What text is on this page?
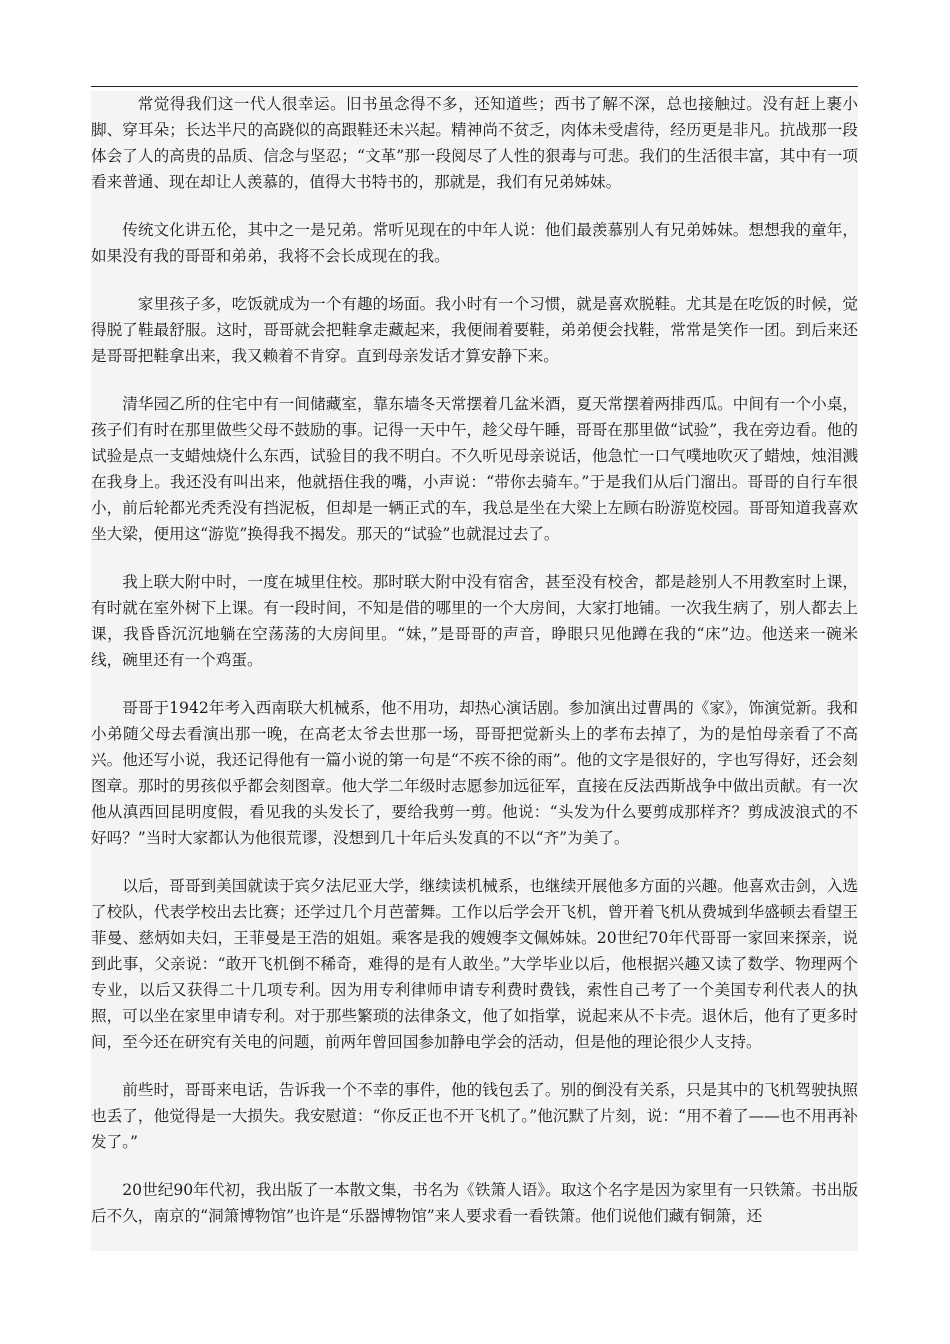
常觉得我们这一代人很幸运。旧书虽念得不多，还知道些；西书了解不深，总也接触过。没有赶上裹小脚、穿耳朵；长达半尺的高跷似的高跟鞋还未兴起。精神尚不贫乏，肉体未受虐待，经历更是非凡。抗战那一段体会了人的高贵的品质、信念与坚忍；“文革”那一段阅尽了人性的狠毒与可悲。我们的生活很丰富，其中有一项看来普通、现在却让人羡慕的，值得大书特书的，那就是，我们有兄弟姊妹。

传统文化讲五伦，其中之一是兄弟。常听见现在的中年人说：他们最羡慕别人有兄弟姊妹。想想我的童年，如果没有我的哥哥和弟弟，我将不会长成现在的我。

家里孩子多，吃饭就成为一个有趣的场面。我小时有一个习惯，就是喜欢脱鞋。尤其是在吃饭的时候，觉得脱了鞋最舒服。这时，哥哥就会把鞋拿走藏起来，我便闹着要鞋，弟弟便会找鞋，常常是笑作一团。到后来还是哥哥把鞋拿出来，我又赖着不肯穿。直到母亲发话才算安静下来。

清华园乙所的住宅中有一间储藏室，靠东墙冬天常摆着几盆米酒，夏天常摆着两排西瓜。中间有一个小桌，孩子们有时在那里做些父母不鼓励的事。记得一天中午，趁父母午睡，哥哥在那里做“试验”，我在旁边看。他的试验是点一支蜡烛烧什么东西，试验目的我不明白。不久听见母亲说话，他急忙一口气噗地吹灭了蜡烛，烛泪溅在我身上。我还没有叫出来，他就捂住我的嘴，小声说：“带你去骑车。”于是我们从后门溜出。哥哥的自行车很小，前后轮都光秃秃没有挡泥板，但却是一辆正式的车，我总是坐在大梁上左顾右盼游览校园。哥哥知道我喜欢坐大梁，便用这“游览”换得我不揭发。那天的“试验”也就混过去了。

我上联大附中时，一度在城里住校。那时联大附中没有宿舍，甚至没有校舍，都是趁别人不用教室时上课，有时就在室外树下上课。有一段时间，不知是借的哪里的一个大房间，大家打地铺。一次我生病了，别人都去上课，我昏昏沉沉地躺在空荡荡的大房间里。“妹，”是哥哥的声音，睁眼只见他蹲在我的“床”边。他送来一碗米线，碗里还有一个鸡蛋。

哥哥于1942年考入西南联大机械系，他不用功，却热心演话剧。参加演出过曹禺的《家》，饰演觉新。我和小弟随父母去看演出那一晚，在高老太爷去世那一场，哥哥把觉新头上的孝布去掉了，为的是怕母亲看了不高兴。他还写小说，我还记得他有一篇小说的第一句是“不疾不徐的雨”。他的文字是很好的，字也写得好，还会刻图章。那时的男孩似乎都会刻图章。他大学二年级时志愿参加远征军，直接在反法西斯战争中做出贡献。有一次他从滇西回昆明度假，看见我的头发长了，要给我剪一剪。他说：“头发为什么要剪成那样齐？剪成波浪式的不好吗？”当时大家都认为他很荒谬，没想到几十年后头发真的不以“齐”为美了。

以后，哥哥到美国就读于宾夕法尼亚大学，继续读机械系，也继续开展他多方面的兴趣。他喜欢击剑，入选了校队，代表学校出去比赛；还学过几个月芭蕾舞。工作以后学会开飞机，曾开着飞机从费城到华盛顿去看望王菲曼、慈炳如夫妇，王菲曼是王浩的姐姐。乘客是我的嫂嫂李文佩姊妹。20世纪70年代哥哥一家回来探亲，说到此事，父亲说：“敢开飞机倒不稀奇，难得的是有人敢坐。”大学毕业以后，他根据兴趣又读了数学、物理两个专业，以后又获得二十几项专利。因为用专利律师申请专利费时费钱，索性自己考了一个美国专利代表人的执照，可以坐在家里申请专利。对于那些繁琐的法律条文，他了如指掌，说起来从不卡壳。退休后，他有了更多时间，至今还在研究有关电的问题，前两年曾回国参加静电学会的活动，但是他的理论很少人支持。

前些时，哥哥来电话，告诉我一个不幸的事件，他的钱包丢了。别的倒没有关系，只是其中的飞机驾驶执照也丢了，他觉得是一大损失。我安慰道：“你反正也不开飞机了。”他沉默了片刻，说：“用不着了——也不用再补发了。”

20世纪90年代初，我出版了一本散文集，书名为《铁箫人语》。取这个名字是因为家里有一只铁箫。书出版后不久，南京的“洞箫博物馆”也许是“乐器博物馆”来人要求看一看铁箫。他们说他们藏有铜箫，还
